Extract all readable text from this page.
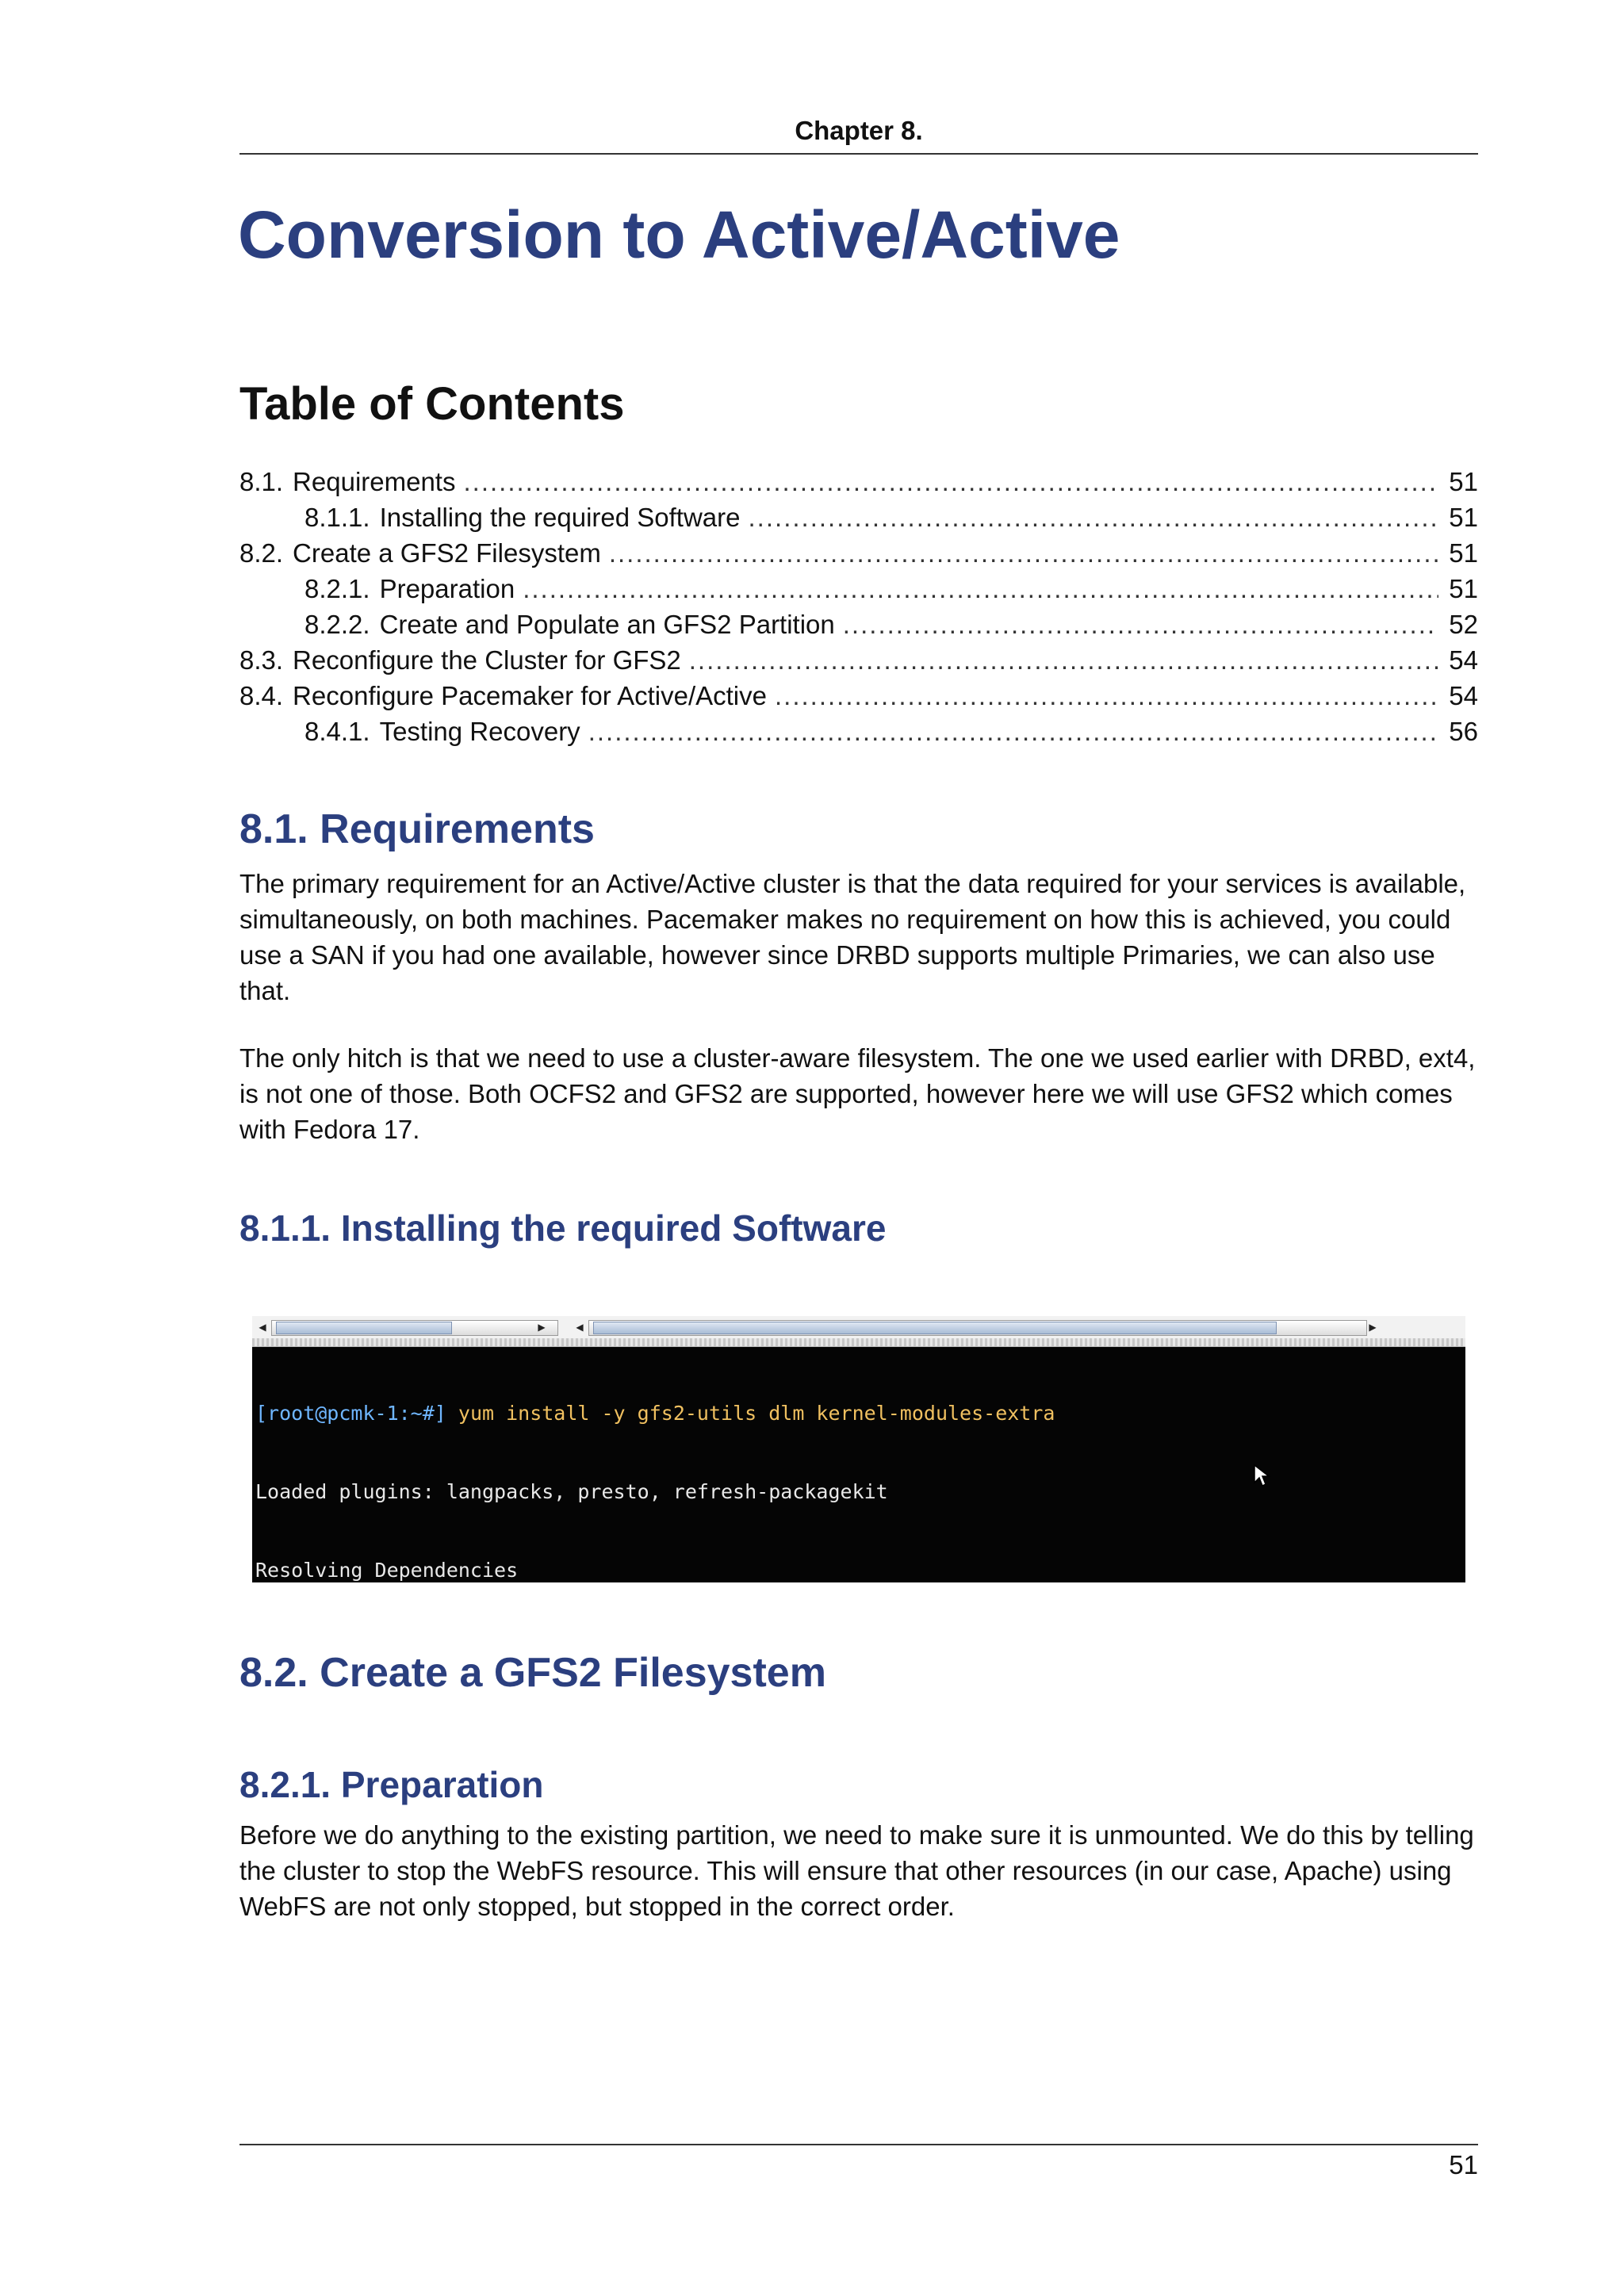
Chapter 8.
Conversion to Active/Active
Table of Contents
8.1. Requirements .....	51
8.1.1. Installing the required Software .....	51
8.2. Create a GFS2 Filesystem .....	51
8.2.1. Preparation .....	51
8.2.2. Create and Populate an GFS2 Partition .....	52
8.3. Reconfigure the Cluster for GFS2 .....	54
8.4. Reconfigure Pacemaker for Active/Active .....	54
8.4.1. Testing Recovery .....	56
8.1. Requirements

The primary requirement for an Active/Active cluster is that the data required for your services is available, simultaneously, on both machines. Pacemaker makes no requirement on how this is achieved, you could use a SAN if you had one available, however since DRBD supports multiple Primaries, we can also use that.

The only hitch is that we need to use a cluster-aware filesystem. The one we used earlier with DRBD, ext4, is not one of those. Both OCFS2 and GFS2 are supported, however here we will use GFS2 which comes with Fedora 17.

8.1.1. Installing the required Software
◀	▶	◀	▶

[root@pcmk-1:~#] yum install -y gfs2-utils dlm kernel-modules-extra

Loaded plugins: langpacks, presto, refresh-packagekit

Resolving Dependencies

8.2. Create a GFS2 Filesystem
8.2.1. Preparation

Before we do anything to the existing partition, we need to make sure it is unmounted. We do this by telling the cluster to stop the WebFS resource. This will ensure that other resources (in our case, Apache) using WebFS are not only stopped, but stopped in the correct order.

51
